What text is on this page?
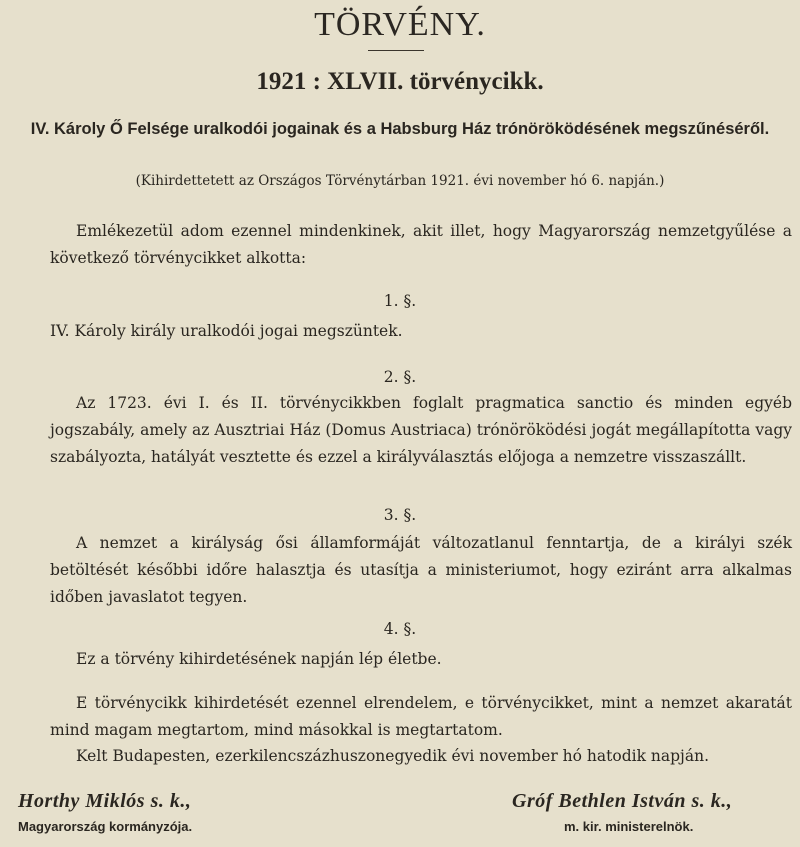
TÖRVÉNY.
1921 : XLVII. törvénycikk.
IV. Károly Ő Felsége uralkodói jogainak és a Habsburg Ház trónöröködésének megszűnéséről.
(Kihirdettetett az Országos Törvénytárban 1921. évi november hó 6. napján.)
Emlékezetül adom ezennel mindenkinek, akit illet, hogy Magyarország nemzetgyűlése a következő törvénycikket alkotta:
1. §.
IV. Károly király uralkodói jogai megszüntek.
2. §.
Az 1723. évi I. és II. törvénycikkben foglalt pragmatica sanctio és minden egyéb jogszabály, amely az Ausztriai Ház (Domus Austriaca) trónöröködési jogát megállapította vagy szabályozta, hatályát vesztette és ezzel a királyválasztás előjoga a nemzetre visszaszállt.
3. §.
A nemzet a királyság ősi államformáját változatlanul fenntartja, de a királyi szék betöltését későbbi időre halasztja és utasítja a ministeriumot, hogy eziránt arra alkalmas időben javaslatot tegyen.
4. §.
Ez a törvény kihirdetésének napján lép életbe.
E törvénycikk kihirdetését ezennel elrendelem, e törvénycikket, mint a nemzet akaratát mind magam megtartom, mind másokkal is megtartatom.
Kelt Budapesten, ezerkilencszázhuszonegyedik évi november hó hatodik napján.
Horthy Miklós s. k.,
Magyarország kormányzója.
Gróf Bethlen István s. k.,
m. kir. ministerelnök.
